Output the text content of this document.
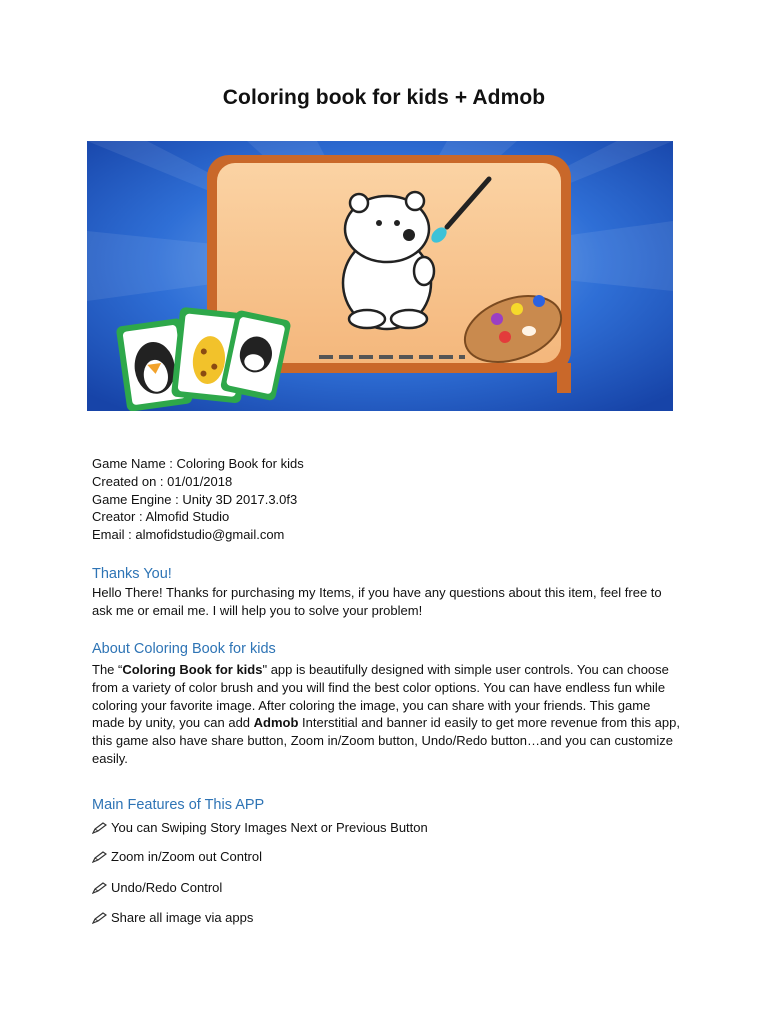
Coloring book for kids + Admob
Game Name : Coloring Book for kids
Created on : 01/01/2018
Game Engine : Unity 3D 2017.3.0f3
Creator : Almofid Studio
Email : almofidstudio@gmail.com
Thanks You!
Hello There! Thanks for purchasing my Items, if you have any questions about this item, feel free to ask me or email me. I will help you to solve your problem!
About Coloring Book for kids
The “Coloring Book for kids" app is beautifully designed with simple user controls. You can choose from a variety of color brush and you will find the best color options. You can have endless fun while coloring your favorite image. After coloring the image, you can share with your friends. This game made by unity, you can add Admob Interstitial and banner id easily to get more revenue from this app, this game also have share button, Zoom in/Zoom button, Undo/Redo button…and you can customize easily.
Main Features of This APP
You can Swiping Story Images Next or Previous Button
Zoom in/Zoom out Control
Undo/Redo Control
Share all image via apps
